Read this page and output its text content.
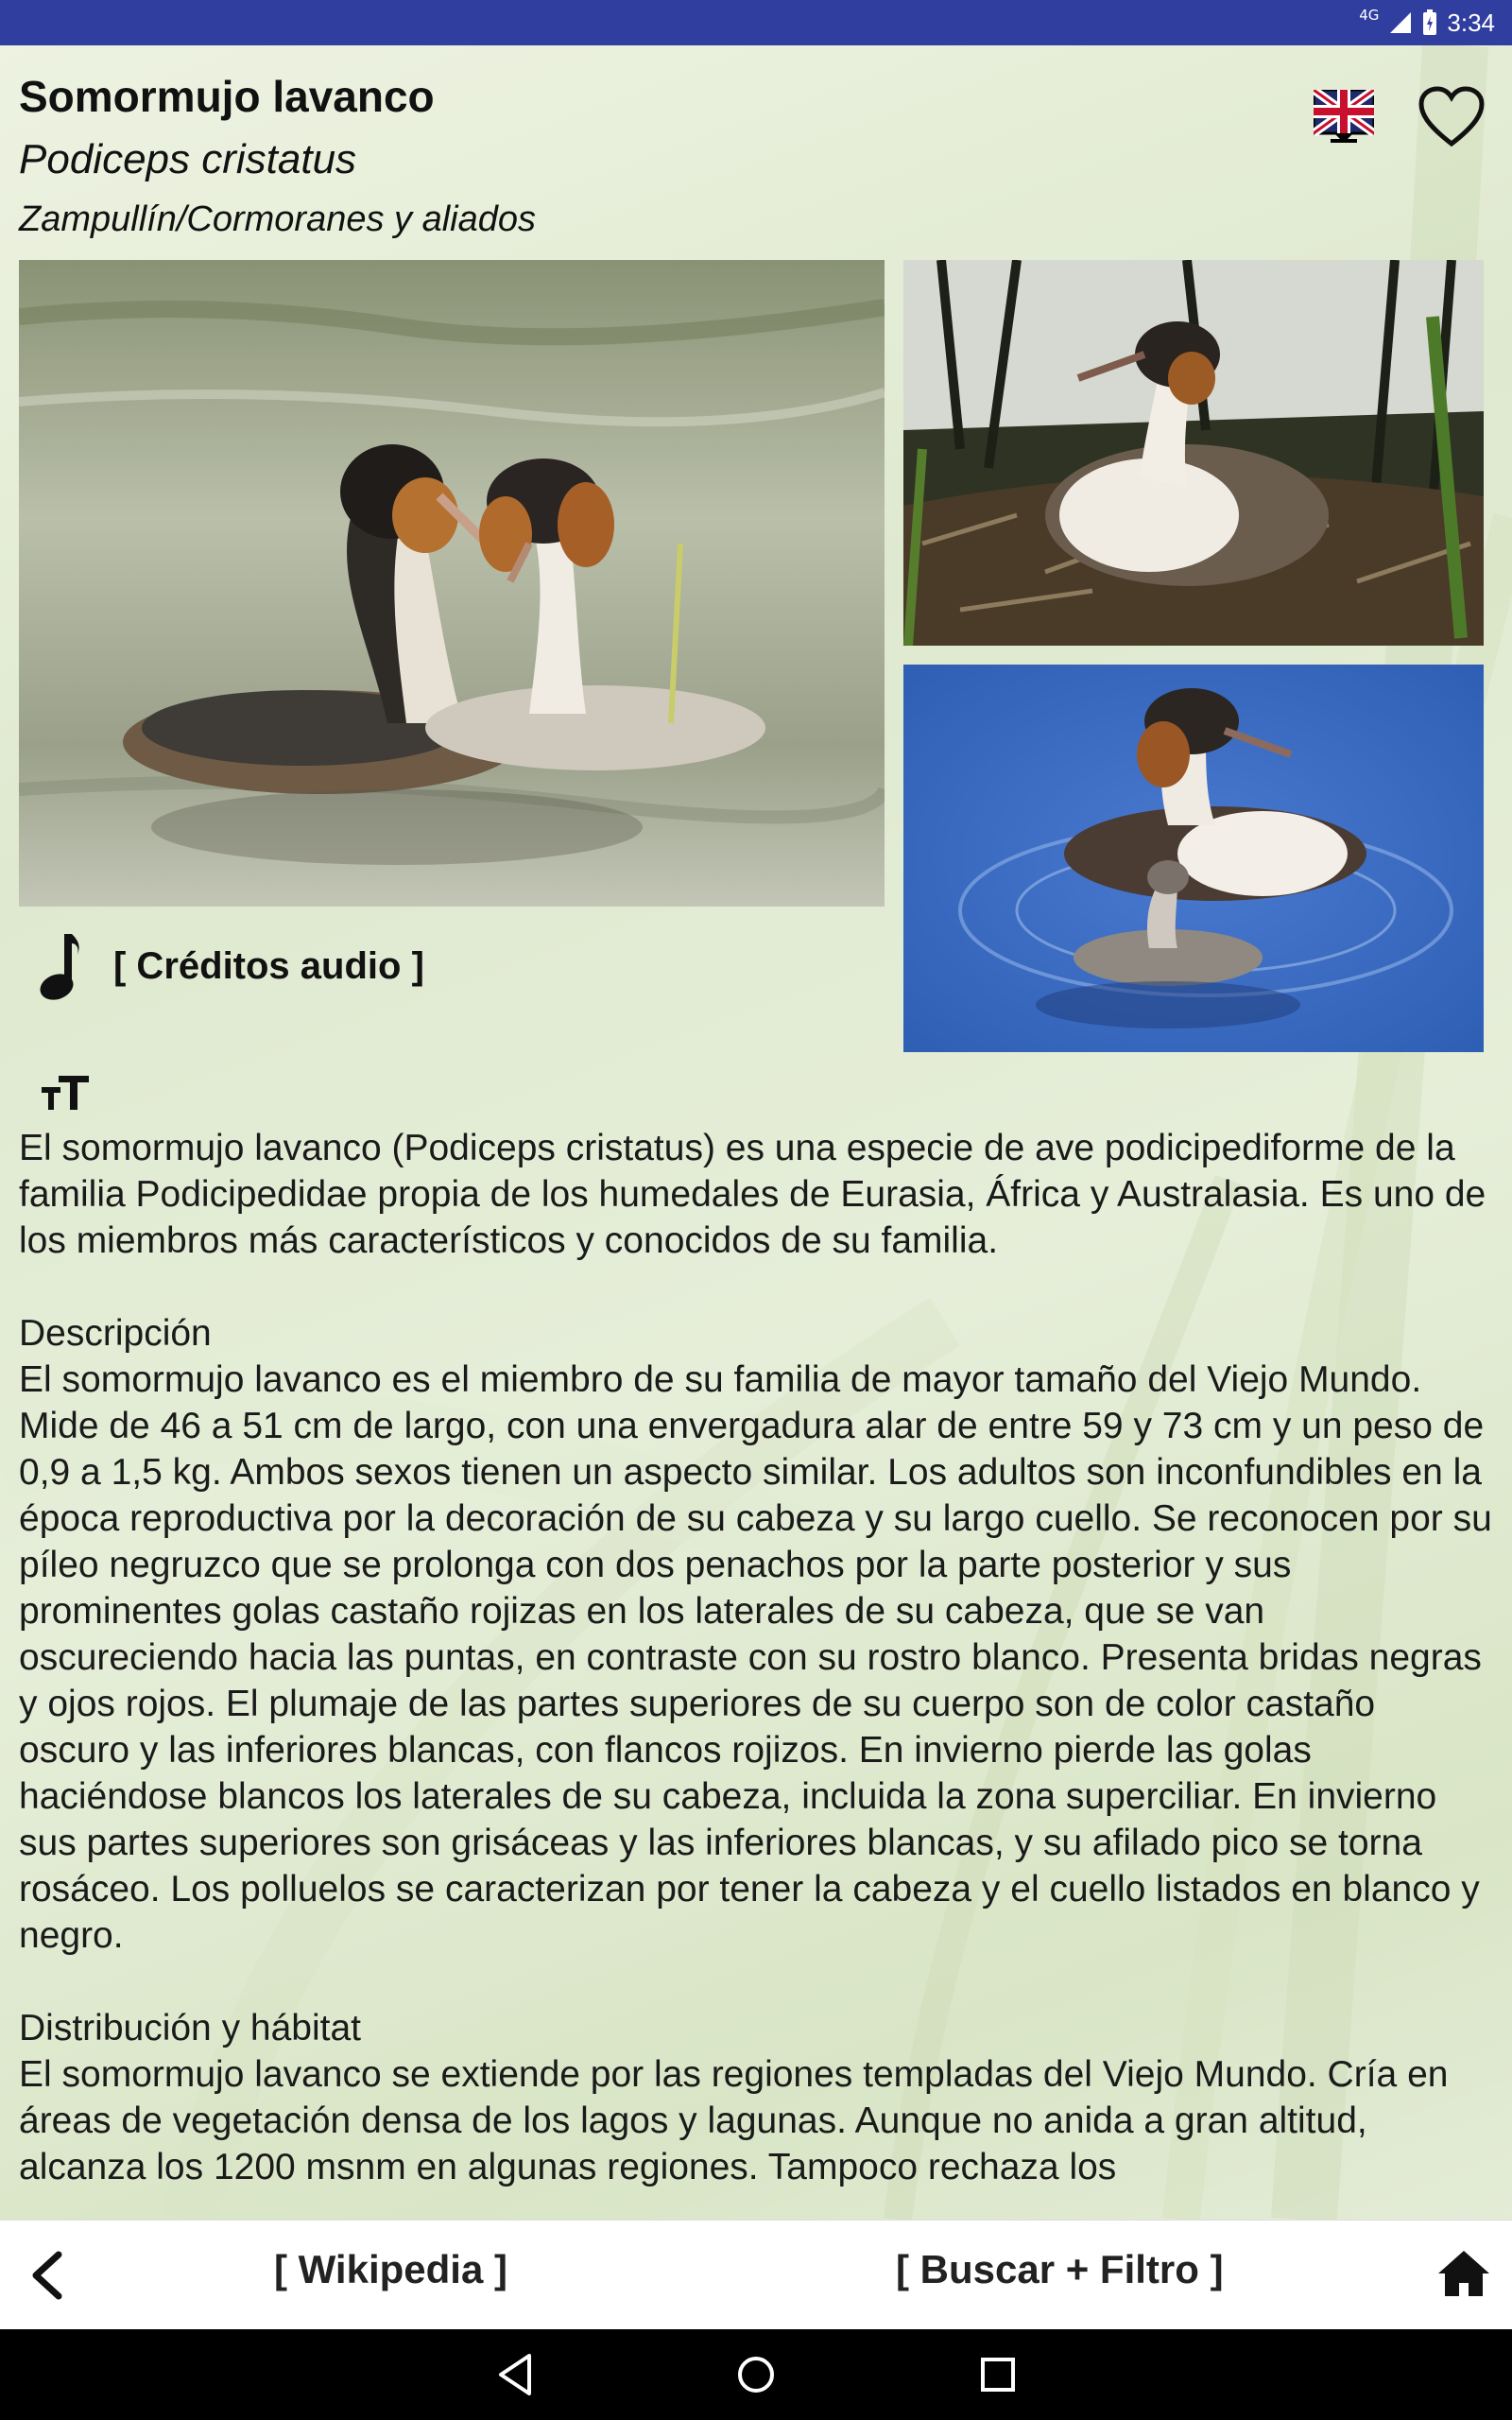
4G	3:34
Somormujo lavanco
Podiceps cristatus
Zampullín/Cormoranes y aliados
[ Créditos audio ]

El somormujo lavanco (Podiceps cristatus) es una especie de ave podicipediforme de la familia Podicipedidae propia de los humedales de Eurasia, África y Australasia. Es uno de los miembros más característicos y conocidos de su familia.

Descripción

El somormujo lavanco es el miembro de su familia de mayor tamaño del Viejo Mundo. Mide de 46 a 51 cm de largo, con una envergadura alar de entre 59 y 73 cm y un peso de 0,9 a 1,5 kg. Ambos sexos tienen un aspecto similar. Los adultos son inconfundibles en la época reproductiva por la decoración de su cabeza y su largo cuello. Se reconocen por su píleo negruzco que se prolonga con dos penachos por la parte posterior y sus prominentes golas castaño rojizas en los laterales de su cabeza, que se van oscureciendo hacia las puntas, en contraste con su rostro blanco. Presenta bridas negras y ojos rojos. El plumaje de las partes superiores de su cuerpo son de color castaño oscuro y las inferiores blancas, con flancos rojizos. En invierno pierde las golas haciéndose blancos los laterales de su cabeza, incluida la zona superciliar. En invierno sus partes superiores son grisáceas y las inferiores blancas, y su afilado pico se torna rosáceo. Los polluelos se caracterizan por tener la cabeza y el cuello listados en blanco y negro.

Distribución y hábitat

El somormujo lavanco se extiende por las regiones templadas del Viejo Mundo. Cría en áreas de vegetación densa de los lagos y lagunas. Aunque no anida a gran altitud, alcanza los 1200 msnm en algunas regiones. Tampoco rechaza los

[ Wikipedia ]	[ Buscar + Filtro ]
